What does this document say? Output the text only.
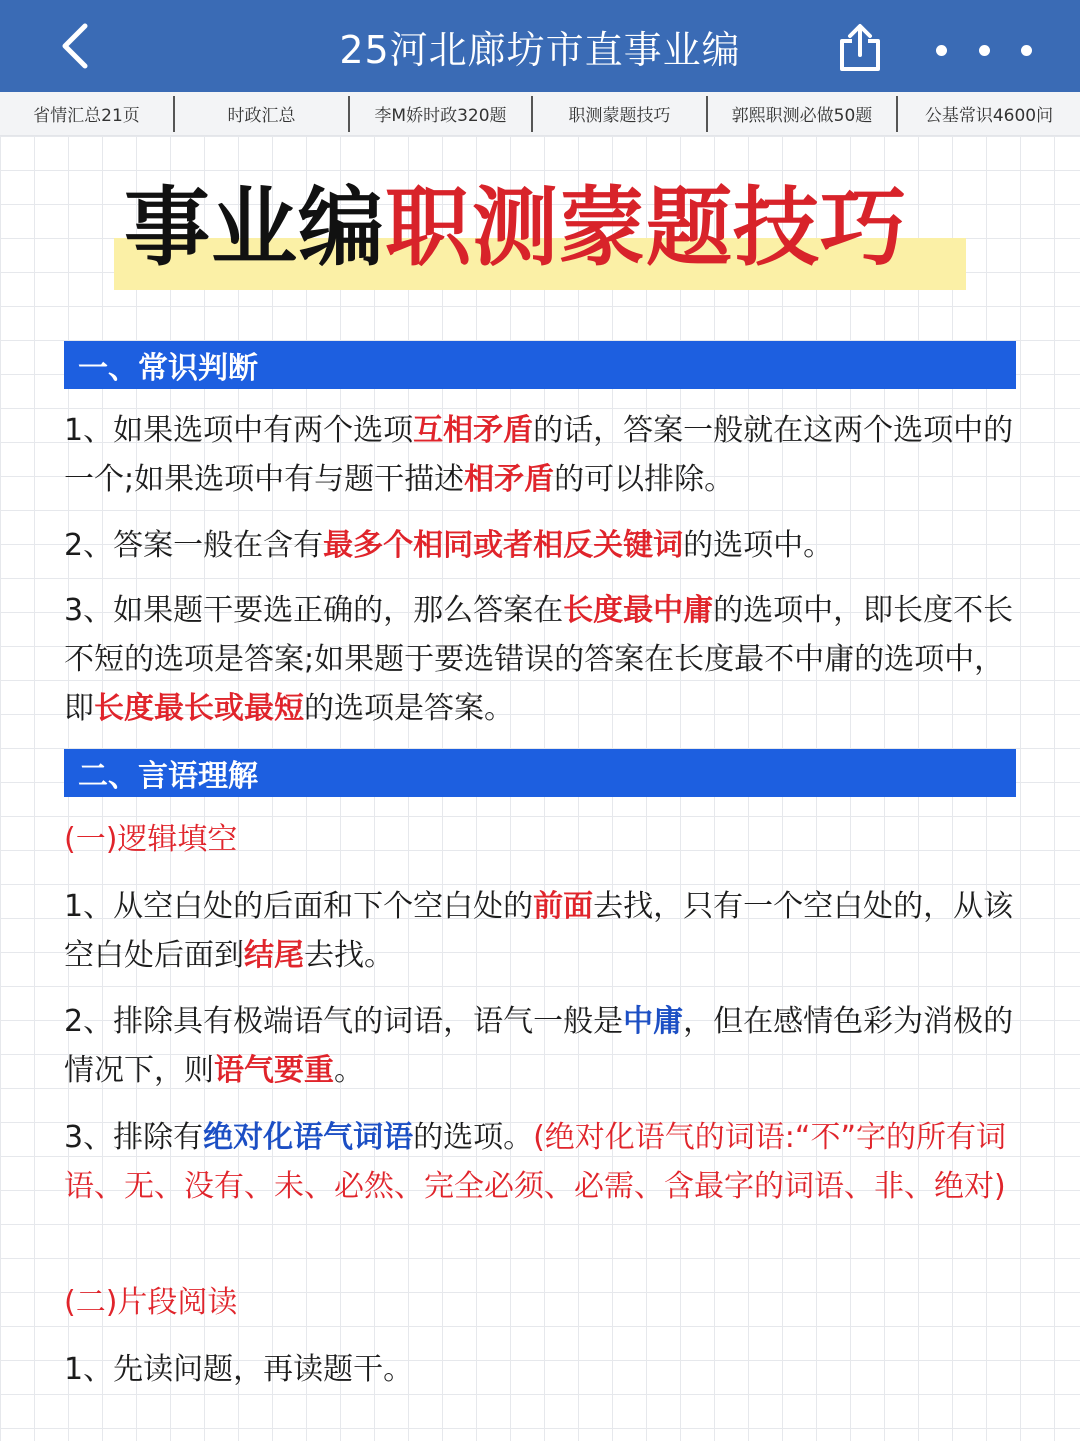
25河北廊坊市直事业编
省情汇总21页	时政汇总	李M娇时政320题	职测蒙题技巧	郭熙职测必做50题	公基常识4600问
事业编职测蒙题技巧
一、常识判断
1、如果选项中有两个选项互相矛盾的话，答案一般就在这两个选项中的一个;如果选项中有与题干描述相矛盾的可以排除。
2、答案一般在含有最多个相同或者相反关键词的选项中。
3、如果题干要选正确的，那么答案在长度最中庸的选项中，即长度不长不短的选项是答案;如果题于要选错误的答案在长度最不中庸的选项中，即长度最长或最短的选项是答案。
二、言语理解
(一)逻辑填空
1、从空白处的后面和下个空白处的前面去找，只有一个空白处的，从该空白处后面到结尾去找。
2、排除具有极端语气的词语，语气一般是中庸，但在感情色彩为消极的情况下，则语气要重。
3、排除有绝对化语气词语的选项。(绝对化语气的词语:“不”字的所有词语、无、没有、未、必然、完全必须、必需、含最字的词语、非、绝对)
(二)片段阅读
1、先读问题，再读题干。
